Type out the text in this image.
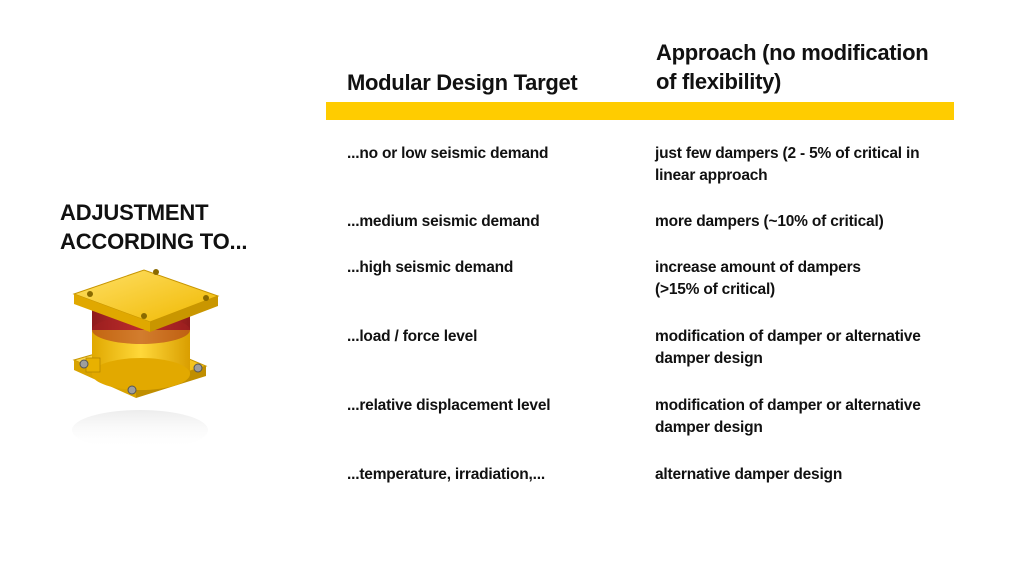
ADJUSTMENT
ACCORDING TO...
Modular Design Target
Approach (no modification
of flexibility)
...no or low seismic demand	just few dampers (2 - 5% of critical in
linear approach
...medium seismic demand	more dampers (~10% of critical)
...high seismic demand	increase amount of dampers
(>15% of critical)
...load / force level	modification of damper or alternative
damper design
...relative displacement level	modification of damper or alternative
damper design
...temperature, irradiation,...	alternative damper design
